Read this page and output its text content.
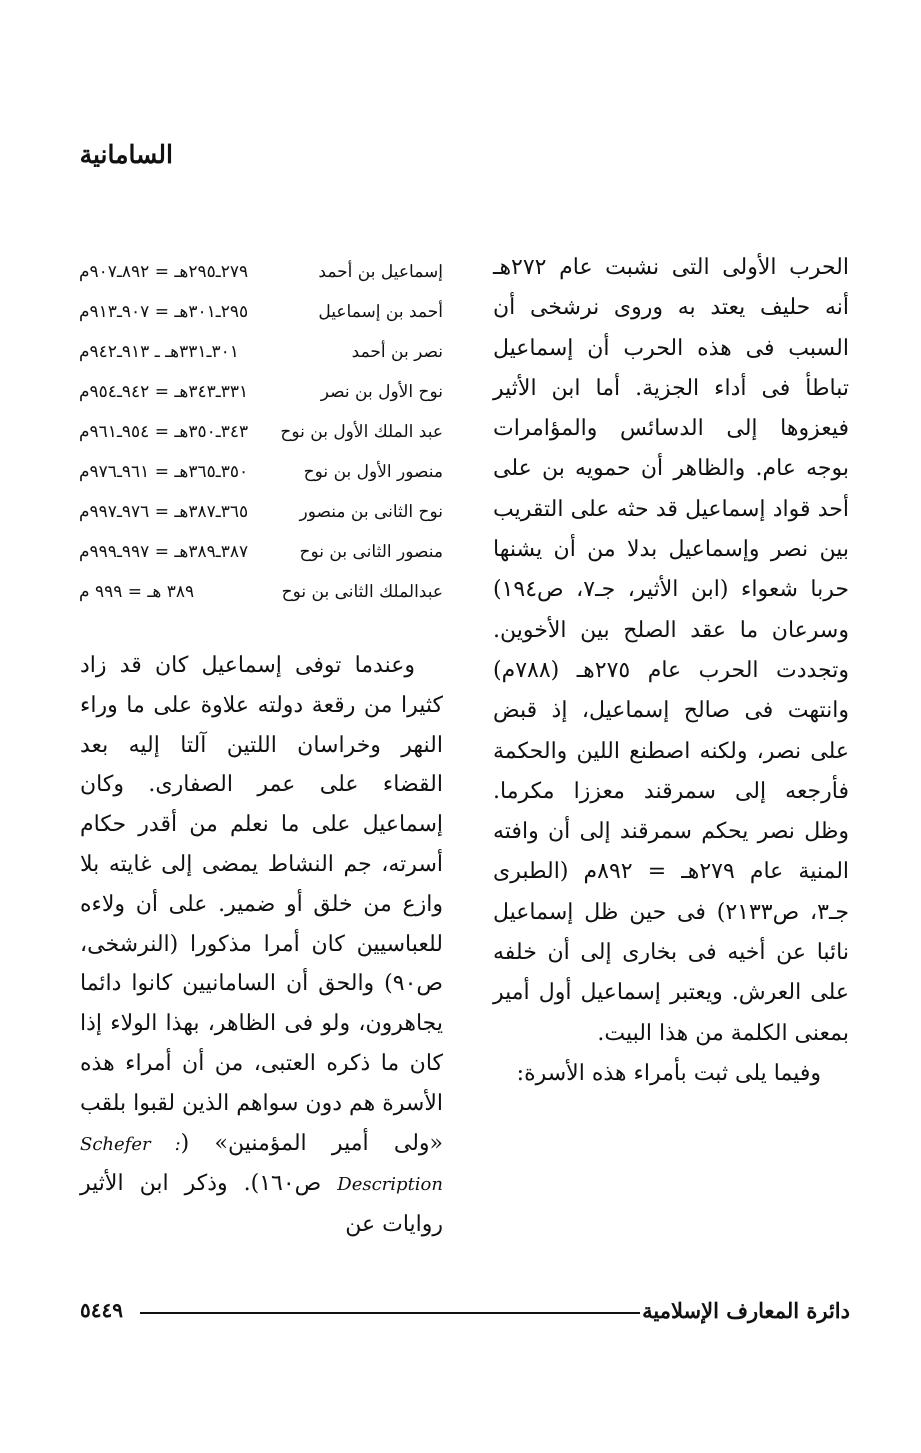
السامانية

الحرب الأولى التى نشبت عام ٢٧٢هـ أنه حليف يعتد به وروى نرشخى أن السبب فى هذه الحرب أن إسماعيل تباطأ فى أداء الجزية. أما ابن الأثير فيعزوها إلى الدسائس والمؤامرات بوجه عام. والظاهر أن حمويه بن على أحد قواد إسماعيل قد حثه على التقريب بين نصر وإسماعيل بدلا من أن يشنها حربا شعواء (ابن الأثير، جـ٧، ص١٩٤) وسرعان ما عقد الصلح بين الأخوين. وتجددت الحرب عام ٢٧٥هـ (٧٨٨م) وانتهت فى صالح إسماعيل، إذ قبض على نصر، ولكنه اصطنع اللين والحكمة فأرجعه إلى سمرقند معززا مكرما. وظل نصر يحكم سمرقند إلى أن وافته المنية عام ٢٧٩هـ = ٨٩٢م (الطبرى جـ٣، ص٢١٣٣) فى حين ظل إسماعيل نائبا عن أخيه فى بخارى إلى أن خلفه على العرش. ويعتبر إسماعيل أول أمير بمعنى الكلمة من هذا البيت.

وفيما يلى ثبت بأمراء هذه الأسرة:

إسماعيل بن أحمد	٢٧٩ـ٢٩٥هـ = ٨٩٢ـ٩٠٧م
أحمد بن إسماعيل	٢٩٥ـ٣٠١هـ = ٩٠٧ـ٩١٣م
نصر بن أحمد	٣٠١ـ٣٣١هـ ـ ٩١٣ـ٩٤٢م
نوح الأول بن نصر	٣٣١ـ٣٤٣هـ = ٩٤٢ـ٩٥٤م
عبد الملك الأول بن نوح	٣٤٣ـ٣٥٠هـ = ٩٥٤ـ٩٦١م
منصور الأول بن نوح	٣٥٠ـ٣٦٥هـ = ٩٦١ـ٩٧٦م
نوح الثانى بن منصور	٣٦٥ـ٣٨٧هـ = ٩٧٦ـ٩٩٧م
منصور الثانى بن نوح	٣٨٧ـ٣٨٩هـ = ٩٩٧ـ٩٩٩م
عبدالملك الثانى بن نوح	٣٨٩ هـ = ٩٩٩ م

وعندما توفى إسماعيل كان قد زاد كثيرا من رقعة دولته علاوة على ما وراء النهر وخراسان اللتين آلتا إليه بعد القضاء على عمر الصفارى. وكان إسماعيل على ما نعلم من أقدر حكام أسرته، جم النشاط يمضى إلى غايته بلا وازع من خلق أو ضمير. على أن ولاءه للعباسيين كان أمرا مذكورا (النرشخى، ص٩٠) والحق أن السامانيين كانوا دائما يجاهرون، ولو فى الظاهر، بهذا الولاء إذا كان ما ذكره العتبى، من أن أمراء هذه الأسرة هم دون سواهم الذين لقبوا بلقب «ولى أمير المؤمنين» (Schefer : Description ص١٦٠). وذكر ابن الأثير روايات عن

دائرة المعارف الإسلامية
٥٤٤٩
